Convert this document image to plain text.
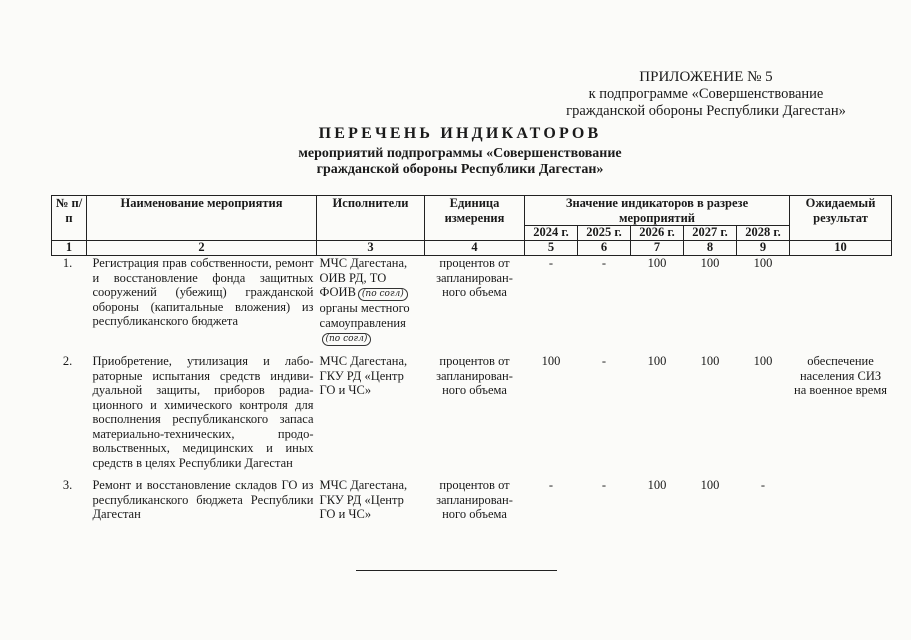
ПРИЛОЖЕНИЕ № 5
к подпрограмме «Совершенствование
гражданской обороны Республики Дагестан»
ПЕРЕЧЕНЬ ИНДИКАТОРОВ
мероприятий подпрограммы «Совершенствование
гражданской обороны Республики Дагестан»
№ п/п	Наименование мероприятия	Исполнители	Единица измерения	Значение индикаторов в разрезе мероприятий					Ожидаемый результат
				2024 г.	2025 г.	2026 г.	2027 г.	2028 г.	
1	2	3	4	5	6	7	8	9	10
1.	Регистрация прав собственности, ремонт и восстановление фонда защитных сооружений (убежищ) гражданской обороны (капитальные вложения) из республиканского бюджета	МЧС Дагестана, ОИВ РД, ТО ФОИВ (по согл) органы местного самоуправления (по согл)	процентов от запланирован-ного объема	-	-	100	100	100	
2.	Приобретение, утилизация и лабо-раторные испытания средств индиви-дуальной защиты, приборов радиа-ционного и химического контроля для восполнения республиканского запаса материально-технических, продо-вольственных, медицинских и иных средств в целях Республики Дагестан	МЧС Дагестана, ГКУ РД «Центр ГО и ЧС»	процентов от запланирован-ного объема	100	-	100	100	100	обеспечение населения СИЗ на военное время
3.	Ремонт и восстановление складов ГО из республиканского бюджета Республики Дагестан	МЧС Дагестана, ГКУ РД «Центр ГО и ЧС»	процентов от запланирован-ного объема	-	-	100	100	-	
